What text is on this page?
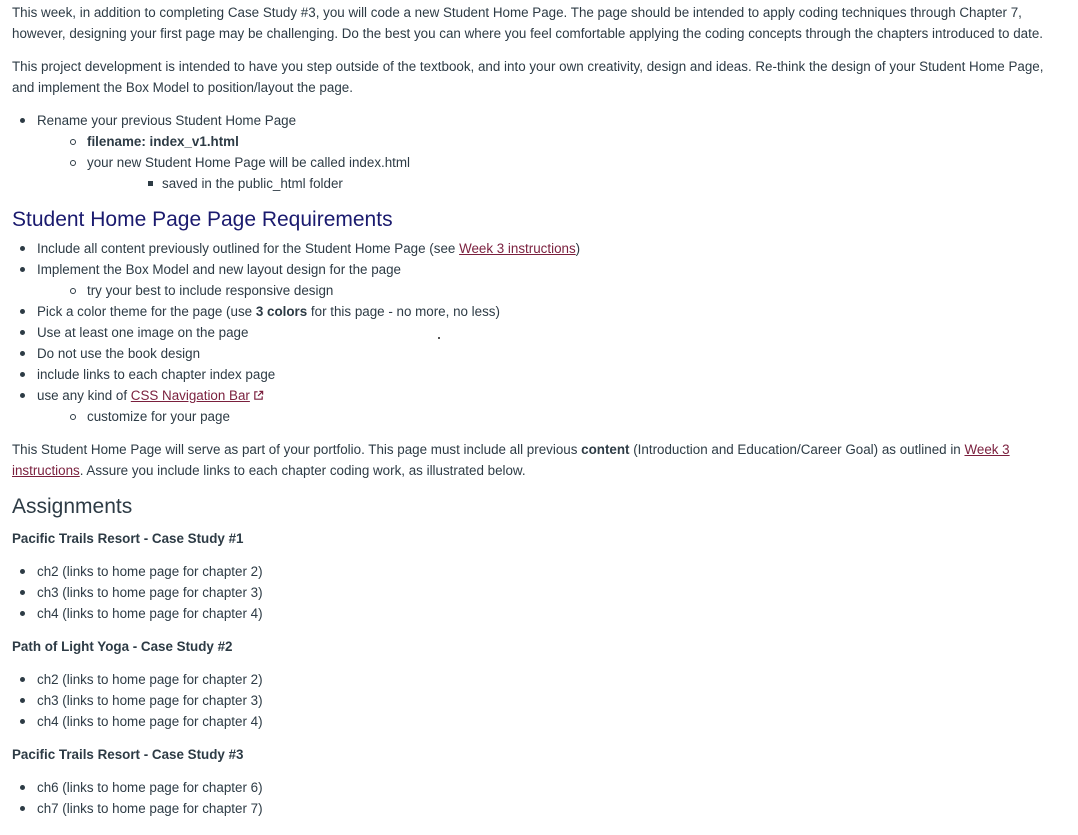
This week, in addition to completing Case Study #3, you will code a new Student Home Page. The page should be intended to apply coding techniques through Chapter 7, however, designing your first page may be challenging. Do the best you can where you feel comfortable applying the coding concepts through the chapters introduced to date.

This project development is intended to have you step outside of the textbook, and into your own creativity, design and ideas. Re-think the design of your Student Home Page, and implement the Box Model to position/layout the page.

Rename your previous Student Home Page
filename: index_v1.html
your new Student Home Page will be called index.html
saved in the public_html folder
Student Home Page Page Requirements
Include all content previously outlined for the Student Home Page (see Week 3 instructions)
Implement the Box Model and new layout design for the page
try your best to include responsive design
Pick a color theme for the page (use 3 colors for this page - no more, no less)
Use at least one image on the page
Do not use the book design
include links to each chapter index page
use any kind of CSS Navigation Bar
customize for your page

This Student Home Page will serve as part of your portfolio. This page must include all previous content (Introduction and Education/Career Goal) as outlined in Week 3 instructions. Assure you include links to each chapter coding work, as illustrated below.

Assignments
Pacific Trails Resort - Case Study #1
ch2 (links to home page for chapter 2)
ch3 (links to home page for chapter 3)
ch4 (links to home page for chapter 4)
Path of Light Yoga - Case Study #2
ch2 (links to home page for chapter 2)
ch3 (links to home page for chapter 3)
ch4 (links to home page for chapter 4)
Pacific Trails Resort - Case Study #3
ch6 (links to home page for chapter 6)
ch7 (links to home page for chapter 7)
